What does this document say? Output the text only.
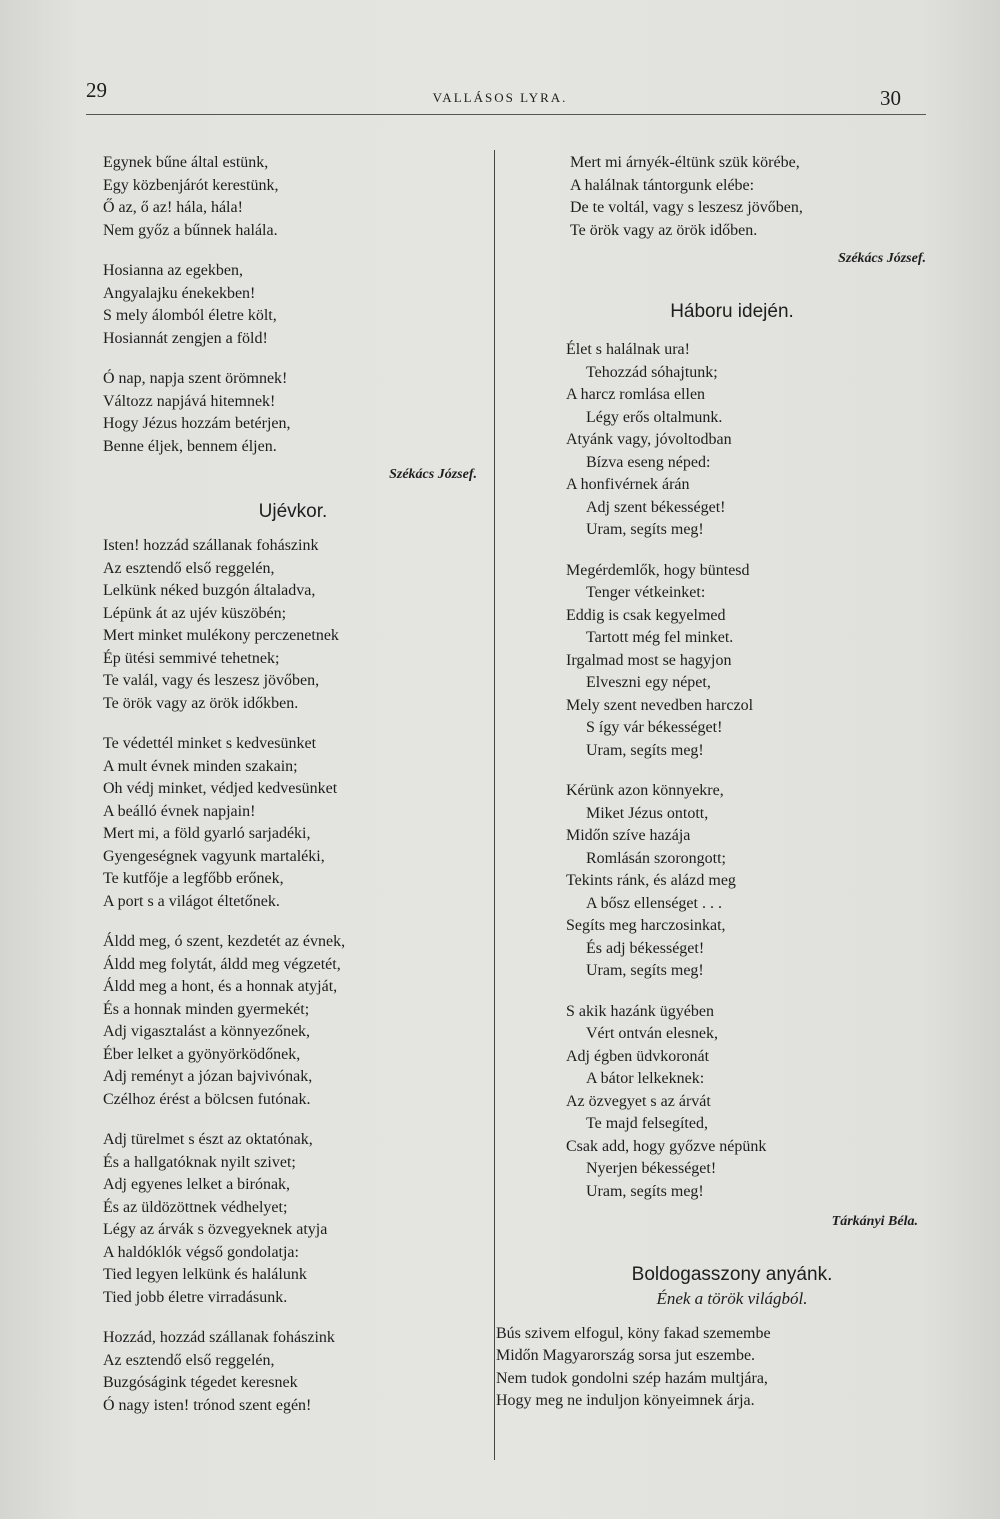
29	VALLÁSOS LYRA.	30
Egynek bűne által estünk,
Egy közbenjárót kerestünk,
Ő az, ő az! hála, hála!
Nem győz a bűnnek halála.
Hosianna az egekben,
Angyalajku énekekben!
S mely álomból életre költ,
Hosiannát zengjen a föld!
Ó nap, napja szent örömnek!
Változz napjává hitemnek!
Hogy Jézus hozzám betérjen,
Benne éljek, bennem éljen.

Székács József.

Ujévkor.

Isten! hozzád szállanak fohászink
Az esztendő első reggelén,
Lelkünk néked buzgón általadva,
Lépünk át az ujév küszöbén;
Mert minket mulékony perczenetnek
Ép ütési semmivé tehetnek;
Te valál, vagy és leszesz jövőben,
Te örök vagy az örök időkben.
Te védettél minket s kedvesünket
A mult évnek minden szakain;
Oh védj minket, védjed kedvesünket
A beálló évnek napjain!
Mert mi, a föld gyarló sarjadéki,
Gyengeségnek vagyunk martaléki,
Te kutfője a legfőbb erőnek,
A port s a világot éltetőnek.
Áldd meg, ó szent, kezdetét az évnek,
Áldd meg folytát, áldd meg végzetét,
Áldd meg a hont, és a honnak atyját,
És a honnak minden gyermekét;
Adj vigasztalást a könnyezőnek,
Éber lelket a gyönyörködőnek,
Adj reményt a józan bajvivónak,
Czélhoz érést a bölcsen futónak.
Adj türelmet s észt az oktatónak,
És a hallgatóknak nyilt szivet;
Adj egyenes lelket a birónak,
És az üldözöttnek védhelyet;
Légy az árvák s özvegyeknek atyja
A haldóklók végső gondolatja:
Tied legyen lelkünk és halálunk
Tied jobb életre virradásunk.
Hozzád, hozzád szállanak fohászink
Az esztendő első reggelén,
Buzgóságink tégedet keresnek
Ó nagy isten! trónod szent egén!
Mert mi árnyék-éltünk szük körébe,
A halálnak tántorgunk elébe:
De te voltál, vagy s leszesz jövőben,
Te örök vagy az örök időben.

Székács József.

Háboru idején.

Élet s halálnak ura!
Tehozzád sóhajtunk;
A harcz romlása ellen
Légy erős oltalmunk.
Atyánk vagy, jóvoltodban
Bízva eseng néped:
A honfivérnek árán
Adj szent békességet!
Uram, segíts meg!
Megérdemlők, hogy büntesd
Tenger vétkeinket:
Eddig is csak kegyelmed
Tartott még fel minket.
Irgalmad most se hagyjon
Elveszni egy népet,
Mely szent nevedben harczol
S így vár békességet!
Uram, segíts meg!
Kérünk azon könnyekre,
Miket Jézus ontott,
Midőn szíve hazája
Romlásán szorongott;
Tekints ránk, és alázd meg
A bősz ellenséget . . .
Segíts meg harczosinkat,
És adj békességet!
Uram, segíts meg!
S akik hazánk ügyében
Vért ontván elesnek,
Adj égben üdvkoronát
A bátor lelkeknek:
Az özvegyet s az árvát
Te majd felsegíted,
Csak add, hogy győzve népünk
Nyerjen békességet!
Uram, segíts meg!

Tárkányi Béla.

Boldogasszony anyánk.

Ének a török világból.

Bús szivem elfogul, köny fakad szemembe
Midőn Magyarország sorsa jut eszembe.
Nem tudok gondolni szép hazám multjára,
Hogy meg ne induljon könyeimnek árja.
